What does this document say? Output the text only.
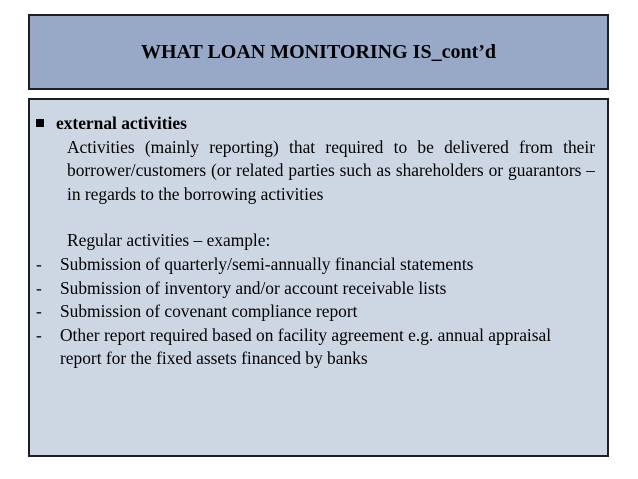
WHAT LOAN MONITORING IS_cont’d
external activities
Activities (mainly reporting) that required to be delivered from their borrower/customers (or related parties such as shareholders or guarantors – in regards to the borrowing activities
Regular activities – example:
-	Submission of quarterly/semi-annually financial statements
-	Submission of inventory and/or account receivable lists
-	Submission of covenant compliance report
-	Other report required based on facility agreement e.g. annual appraisal report for the fixed assets financed by banks
